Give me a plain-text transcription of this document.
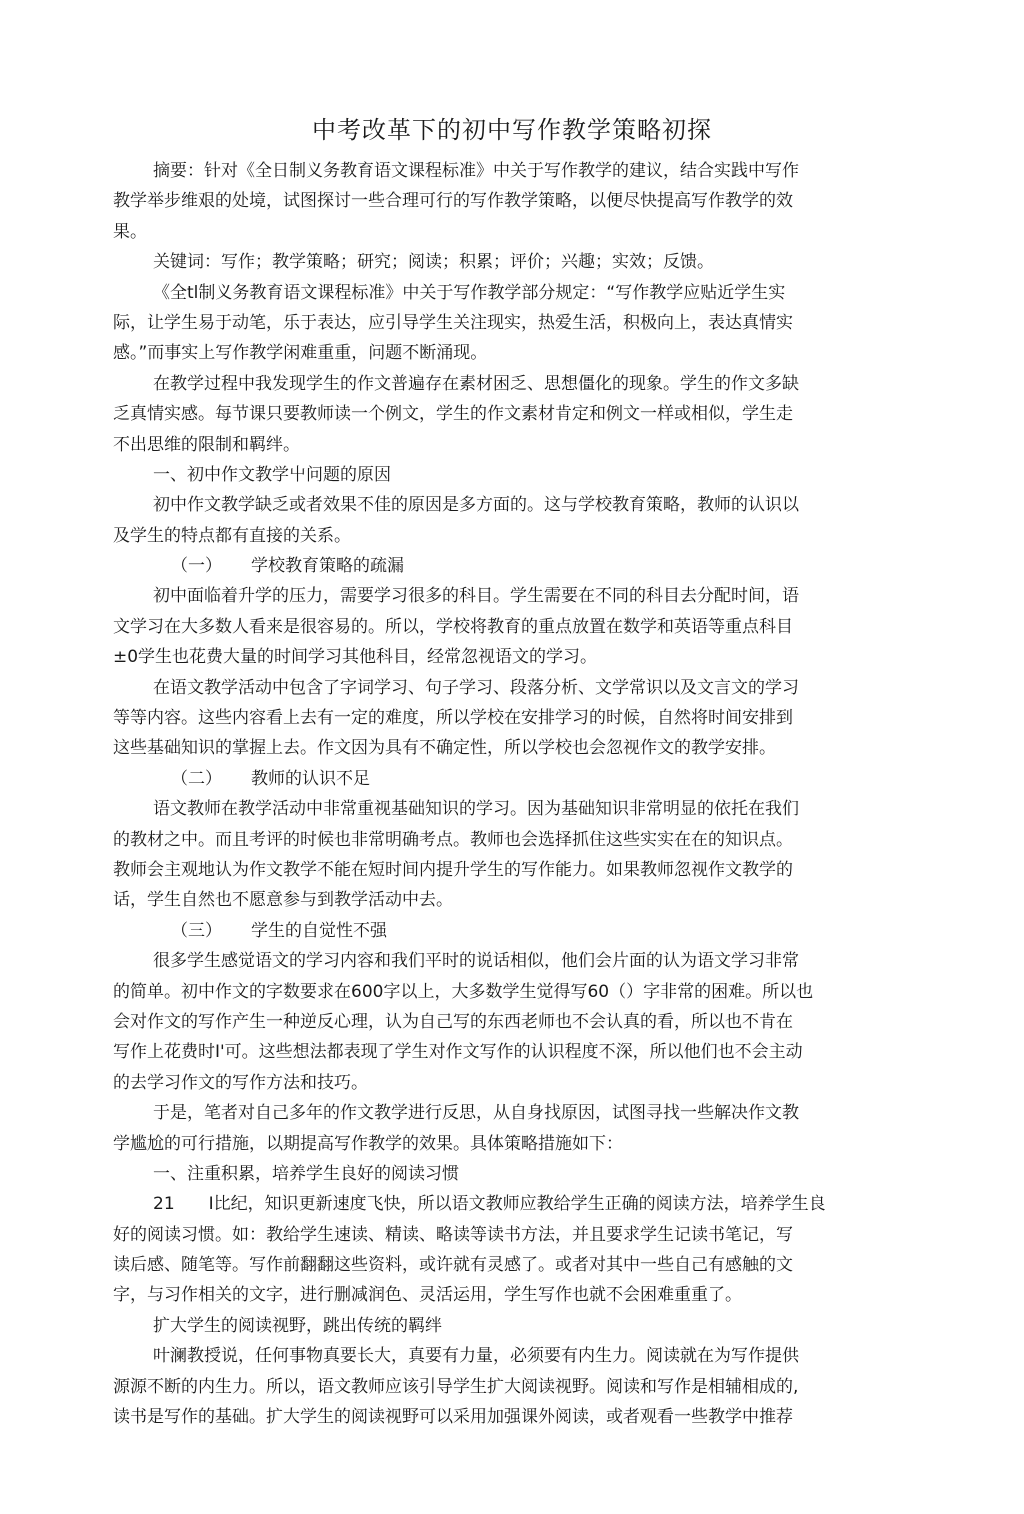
中考改革下的初中写作教学策略初探
摘要：针对《全日制义务教育语文课程标准》中关于写作教学的建议，结合实践中写作
教学举步维艰的处境，试图探讨一些合理可行的写作教学策略，以便尽快提高写作教学的效
果。
关键词：写作；教学策略；研究；阅读；积累；评价；兴趣；实效；反馈。
《全tl制义务教育语文课程标准》中关于写作教学部分规定：“写作教学应贴近学生实
际，让学生易于动笔，乐于表达，应引导学生关注现实，热爱生活，积极向上，表达真情实
感。”而事实上写作教学闲难重重，问题不断涌现。
在教学过程中我发现学生的作文普遍存在素材困乏、思想僵化的现象。学生的作文多缺
乏真情实感。每节课只要教师读一个例文，学生的作文素材肯定和例文一样或相似，学生走
不出思维的限制和羁绊。
一、初中作文教学屮问题的原因
初中作文教学缺乏或者效果不佳的原因是多方面的。这与学校教育策略，教师的认识以
及学生的特点都有直接的关系。
（一） 学校教育策略的疏漏
初中面临着升学的压力，需要学习很多的科目。学生需要在不同的科目去分配时间，语
文学习在大多数人看来是很容易的。所以，学校将教育的重点放置在数学和英语等重点科目
±0学生也花费大量的时间学习其他科目，经常忽视语文的学习。
在语文教学活动中包含了字词学习、句子学习、段落分析、文学常识以及文言文的学习
等等内容。这些内容看上去有一定的难度，所以学校在安排学习的时候，自然将时间安排到
这些基础知识的掌握上去。作文因为具有不确定性，所以学校也会忽视作文的教学安排。
（二） 教师的认识不足
语文教师在教学活动中非常重视基础知识的学习。因为基础知识非常明显的依托在我们
的教材之中。而且考评的时候也非常明确考点。教师也会选择抓住这些实实在在的知识点。
教师会主观地认为作文教学不能在短时间内提升学生的写作能力。如果教师忽视作文教学的
话，学生自然也不愿意参与到教学活动中去。
（三） 学生的自觉性不强
很多学生感觉语文的学习内容和我们平时的说话相似，他们会片面的认为语文学习非常
的简单。初中作文的字数要求在600字以上，大多数学生觉得写60（）字非常的困难。所以也
会对作文的写作产生一种逆反心理，认为自己写的东西老师也不会认真的看，所以也不肯在
写作上花费时I'可。这些想法都表现了学生对作文写作的认识程度不深，所以他们也不会主动
的去学习作文的写作方法和技巧。
于是，笔者对自己多年的作文教学进行反思，从自身找原因，试图寻找一些解决作文教
学尴尬的可行措施，以期提高写作教学的效果。具体策略措施如下：
一、注重积累，培养学生良好的阅读习惯
21　　I比纪，知识更新速度飞快，所以语文教师应教给学生正确的阅读方法，培养学生良
好的阅读习惯。如：教给学生速读、精读、略读等读书方法，并且要求学生记读书笔记，写
读后感、随笔等。写作前翻翻这些资料，或许就有灵感了。或者对其中一些自己有感触的文
字，与习作相关的文字，进行删减润色、灵活运用，学生写作也就不会困难重重了。
扩大学生的阅读视野，跳出传统的羁绊
叶澜教授说，任何事物真要长大，真要有力量，必须要有内生力。阅读就在为写作提供
源源不断的内生力。所以，语文教师应该引导学生扩大阅读视野。阅读和写作是相辅相成的,
读书是写作的基础。扩大学生的阅读视野可以采用加强课外阅读，或者观看一些教学中推荐
